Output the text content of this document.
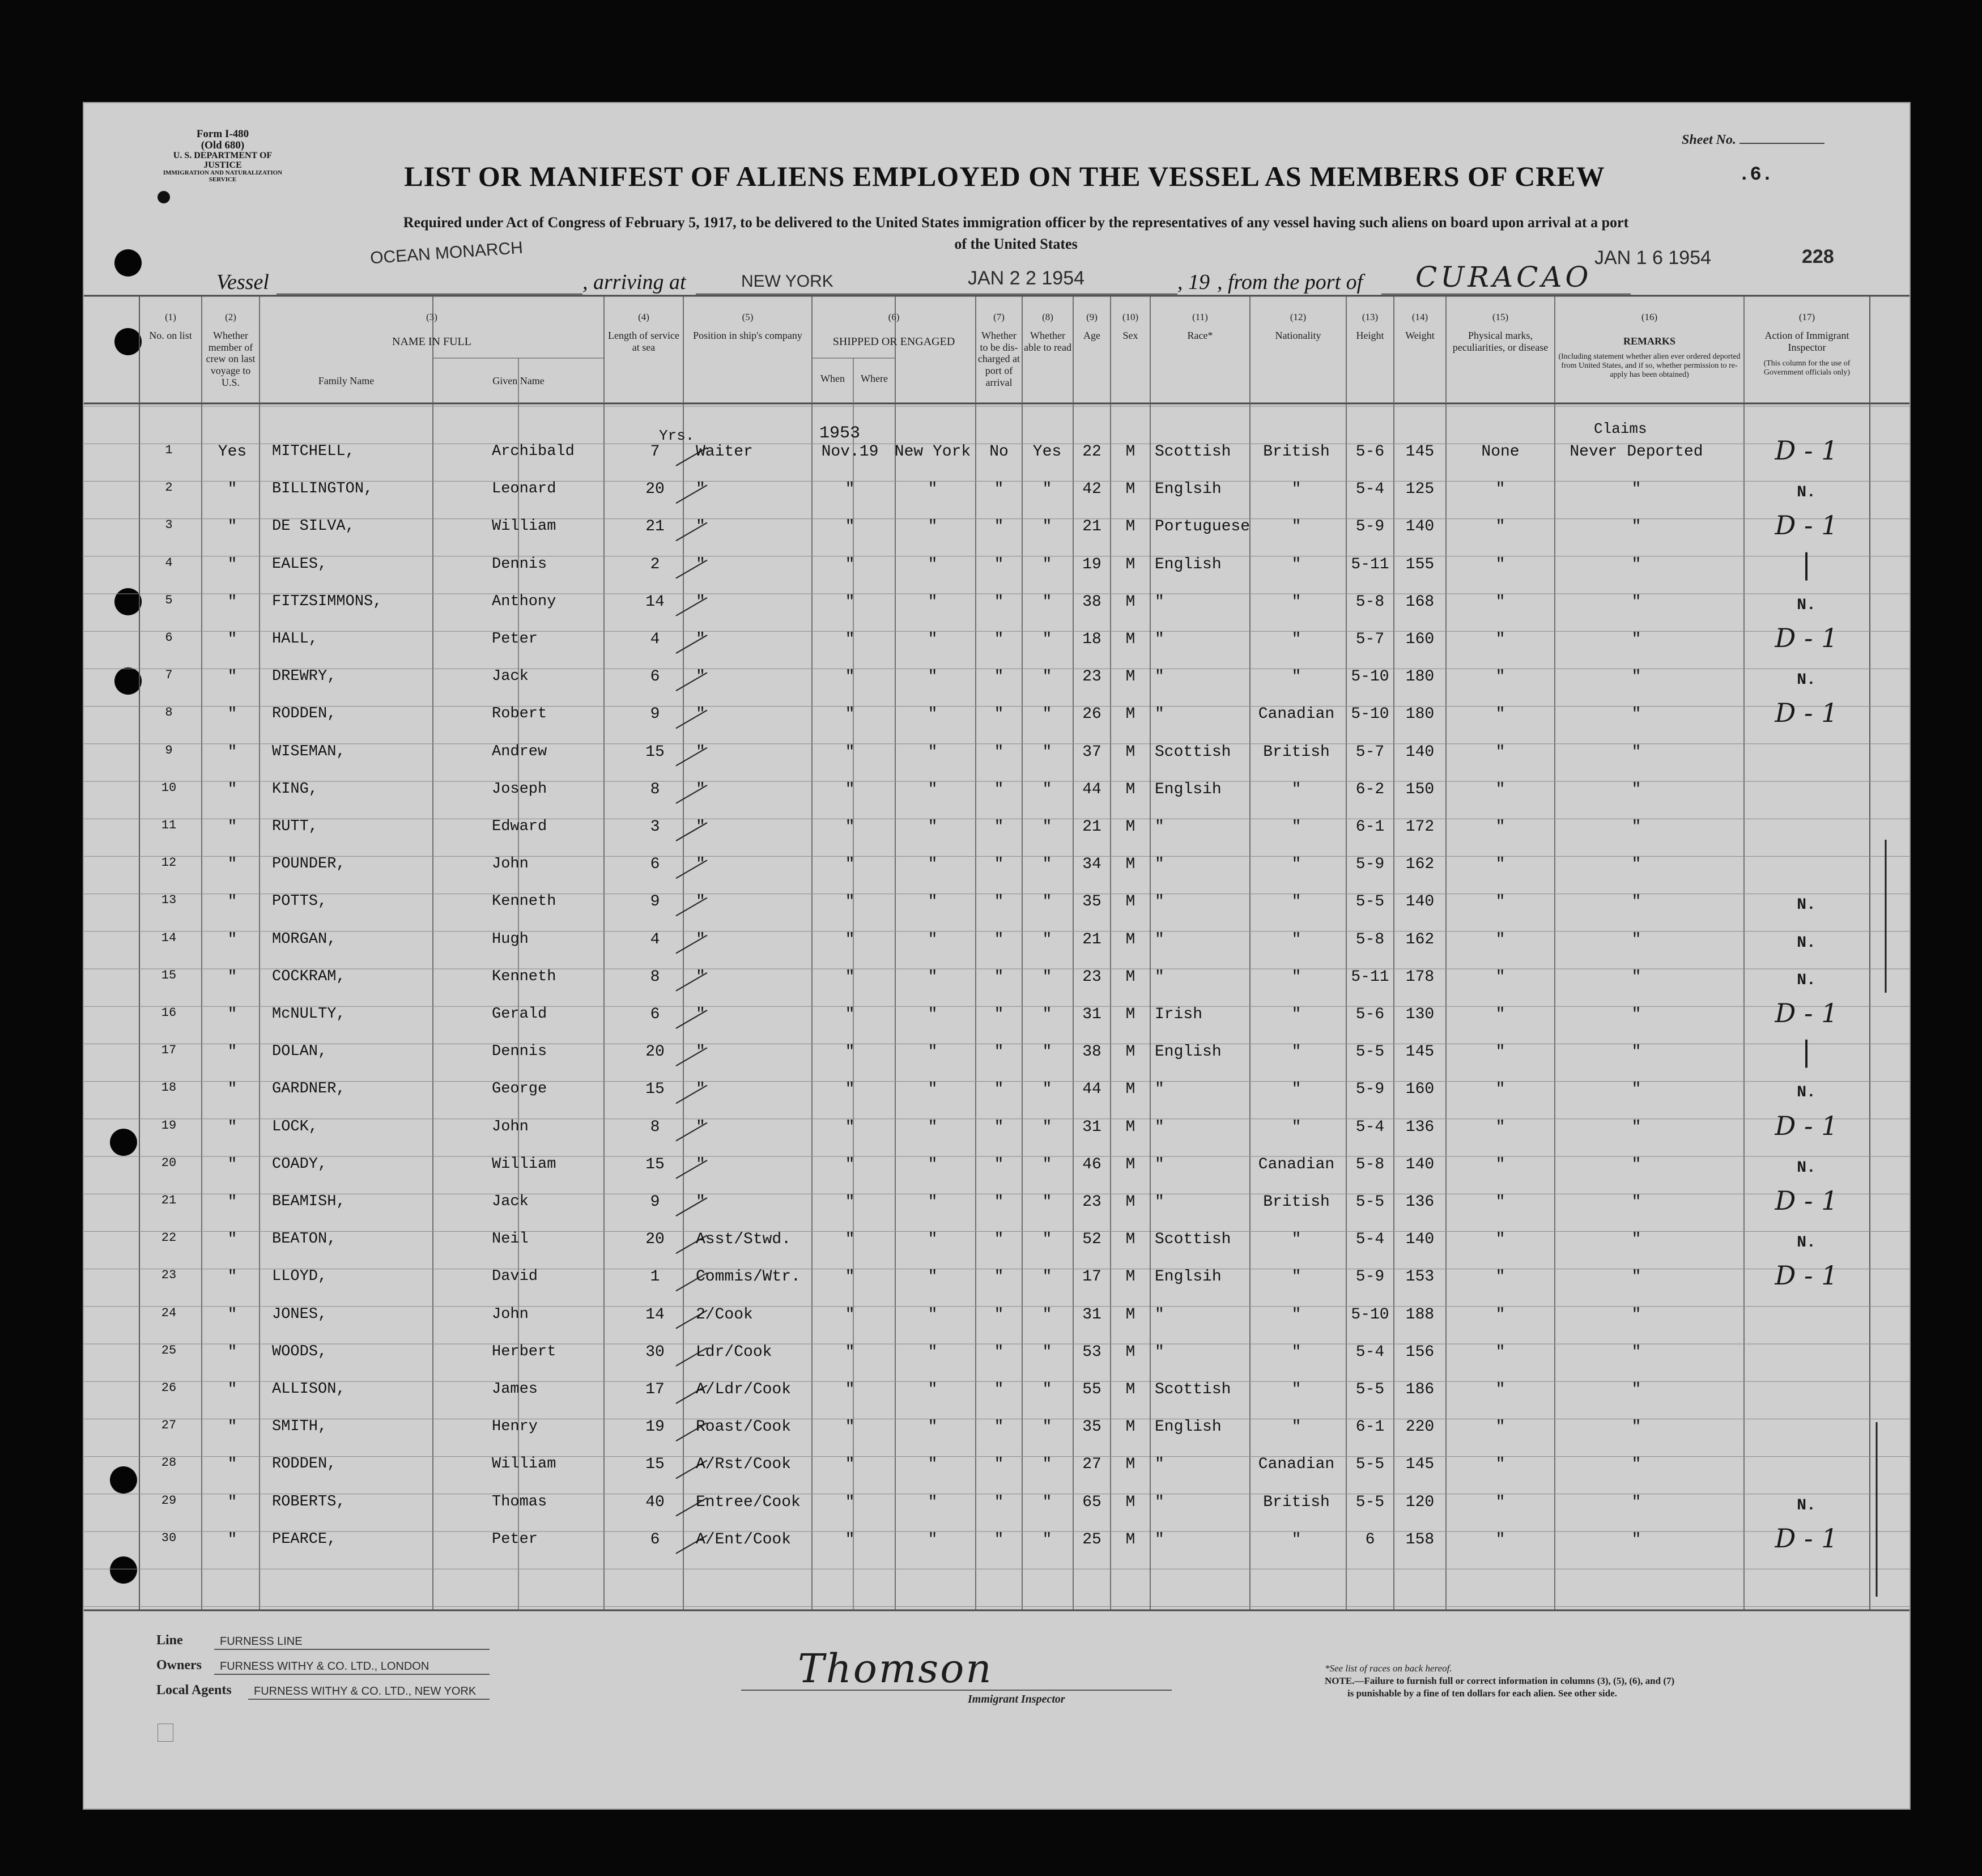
Form I-480
(Old 680)
U. S. DEPARTMENT OF JUSTICE
IMMIGRATION AND NATURALIZATION SERVICE
Sheet No.
.6.
LIST OR MANIFEST OF ALIENS EMPLOYED ON THE VESSEL AS MEMBERS OF CREW
Required under Act of Congress of February 5, 1917, to be delivered to the United States immigration officer by the representatives of any vessel having such aliens on board upon arrival at a port
of the United States
Vessel
OCEAN MONARCH
, arriving at	NEW YORK	JAN 2 2 1954	, 19 , from the port of CURACAO
JAN 1 6 1954	228
(1)
No. on list
(2)
Whether member of crew on last voyage to U.S.
(3)
NAME IN FULL
(4)
Length of service at sea
(5)
Position in ship's company
(6)
SHIPPED OR ENGAGED
(7)
Whether to be dis-charged at port of arrival
(8)
Whether able to read
(9)
Age
(10)
Sex
(11)
Race*
(12)
Nationality
(13)
Height
(14)
Weight
(15)
Physical marks, peculiarities, or disease
(16)
REMARKS
(17)
Action of Immigrant Inspector
Family Name	Given Name	When	Where
(Including statement whether alien ever ordered deported from United States, and if so, whether permission to re-apply has been obtained)
(This column for the use of Government officials only)
Yrs.	1953	Claims
1	Yes	MITCHELL,	Archibald	7	Waiter	Nov.19	New York	No	Yes	22	M	Scottish	British	5-6	145	None	Never Deported	D - 1
2	"	BILLINGTON,	Leonard	20	"	"	"	"	"	42	M	Englsih	"	5-4	125	"	"	N.
3	"	DE SILVA,	William	21	"	"	"	"	"	21	M	Portuguese	"	5-9	140	"	"	D - 1
4	"	EALES,	Dennis	2	"	"	"	"	"	19	M	English	"	5-11	155	"	"	|
5	"	FITZSIMMONS,	Anthony	14	"	"	"	"	"	38	M	"	"	5-8	168	"	"	N.
6	"	HALL,	Peter	4	"	"	"	"	"	18	M	"	"	5-7	160	"	"	D - 1
7	"	DREWRY,	Jack	6	"	"	"	"	"	23	M	"	"	5-10	180	"	"	N.
8	"	RODDEN,	Robert	9	"	"	"	"	"	26	M	"	Canadian	5-10	180	"	"	D - 1
9	"	WISEMAN,	Andrew	15	"	"	"	"	"	37	M	Scottish	British	5-7	140	"	"
10	"	KING,	Joseph	8	"	"	"	"	"	44	M	Englsih	"	6-2	150	"	"
11	"	RUTT,	Edward	3	"	"	"	"	"	21	M	"	"	6-1	172	"	"
12	"	POUNDER,	John	6	"	"	"	"	"	34	M	"	"	5-9	162	"	"
13	"	POTTS,	Kenneth	9	"	"	"	"	"	35	M	"	"	5-5	140	"	"	N.
14	"	MORGAN,	Hugh	4	"	"	"	"	"	21	M	"	"	5-8	162	"	"	N.
15	"	COCKRAM,	Kenneth	8	"	"	"	"	"	23	M	"	"	5-11	178	"	"	N.
16	"	McNULTY,	Gerald	6	"	"	"	"	"	31	M	Irish	"	5-6	130	"	"	D - 1
17	"	DOLAN,	Dennis	20	"	"	"	"	"	38	M	English	"	5-5	145	"	"	|
18	"	GARDNER,	George	15	"	"	"	"	"	44	M	"	"	5-9	160	"	"	N.
19	"	LOCK,	John	8	"	"	"	"	"	31	M	"	"	5-4	136	"	"	D - 1
20	"	COADY,	William	15	"	"	"	"	"	46	M	"	Canadian	5-8	140	"	"	N.
21	"	BEAMISH,	Jack	9	"	"	"	"	"	23	M	"	British	5-5	136	"	"	D - 1
22	"	BEATON,	Neil	20	Asst/Stwd.	"	"	"	"	52	M	Scottish	"	5-4	140	"	"	N.
23	"	LLOYD,	David	1	Commis/Wtr.	"	"	"	"	17	M	Englsih	"	5-9	153	"	"	D - 1
24	"	JONES,	John	14	2/Cook	"	"	"	"	31	M	"	"	5-10	188	"	"
25	"	WOODS,	Herbert	30	Ldr/Cook	"	"	"	"	53	M	"	"	5-4	156	"	"
26	"	ALLISON,	James	17	A/Ldr/Cook	"	"	"	"	55	M	Scottish	"	5-5	186	"	"
27	"	SMITH,	Henry	19	Roast/Cook	"	"	"	"	35	M	English	"	6-1	220	"	"
28	"	RODDEN,	William	15	A/Rst/Cook	"	"	"	"	27	M	"	Canadian	5-5	145	"	"
29	"	ROBERTS,	Thomas	40	Entree/Cook	"	"	"	"	65	M	"	British	5-5	120	"	"	N.
30	"	PEARCE,	Peter	6	A/Ent/Cook	"	"	"	"	25	M	"	"	6	158	"	"	D - 1
Line	FURNESS LINE
Owners FURNESS WITHY & CO. LTD., LONDON
Local Agents FURNESS WITHY & CO. LTD., NEW YORK	Thomson
Immigrant Inspector
*See list of races on back hereof.
NOTE.—Failure to furnish full or correct information in columns (3), (5), (6), and (7)
is punishable by a fine of ten dollars for each alien. See other side.
